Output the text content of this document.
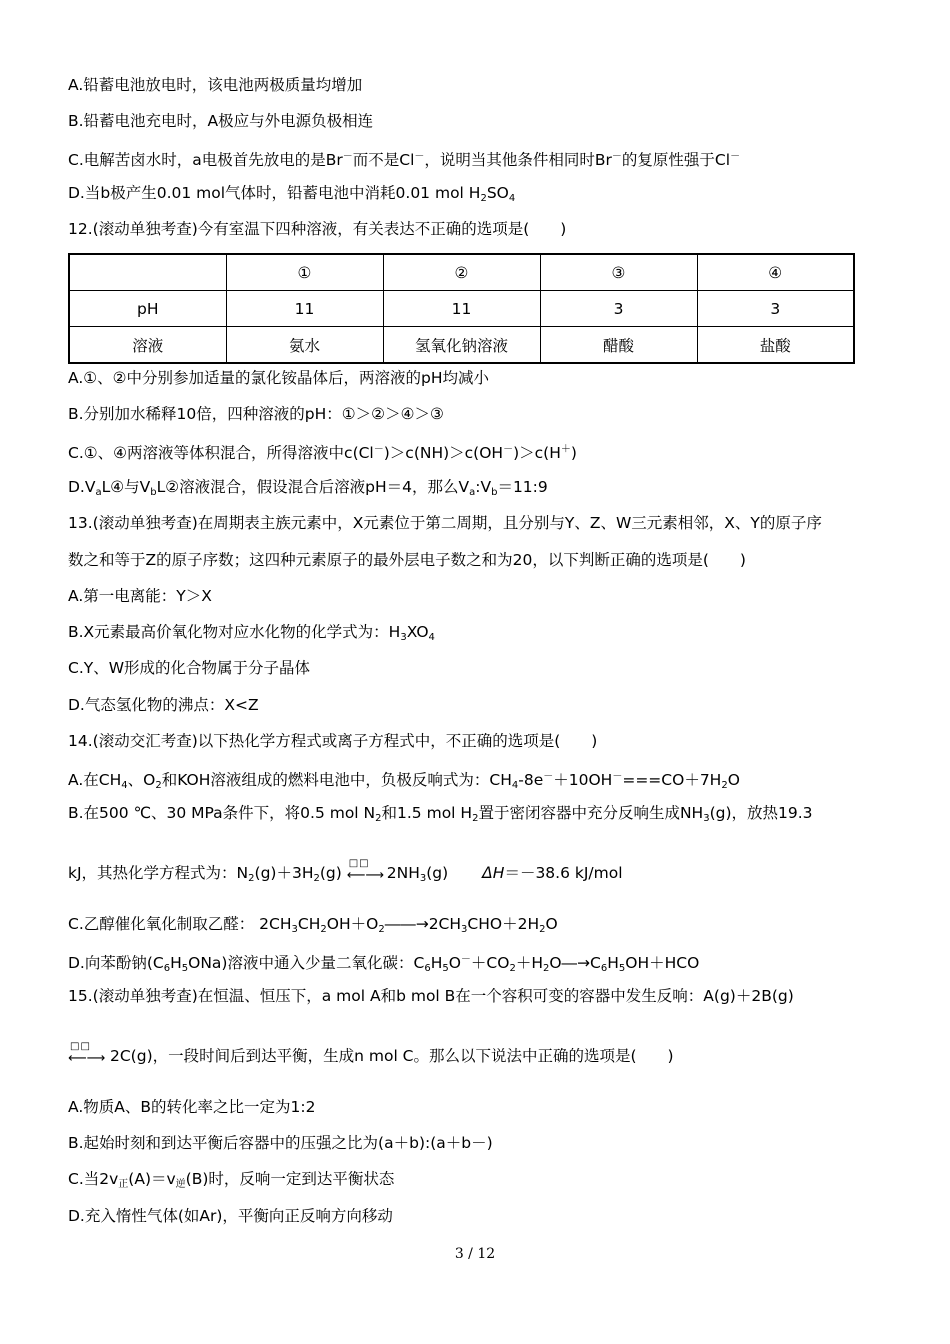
A.铅蓄电池放电时，该电池两极质量均增加
B.铅蓄电池充电时，A极应与外电源负极相连
C.电解苦卤水时，a电极首先放电的是Br－而不是Cl－，说明当其他条件相同时Br－的复原性强于Cl－
D.当b极产生0.01 mol气体时，铅蓄电池中消耗0.01 mol $H_2SO_4$
12.(滚动单独考查)今有室温下四种溶液，有关表达不正确的选项是(　　)
	①	②	③	④
pH	11	11	3	3
溶液	氨水	氢氧化钠溶液	醋酸	盐酸
A.①、②中分别参加适量的氯化铵晶体后，两溶液的pH均减小
B.分别加水稀释10倍，四种溶液的pH：①＞②＞④＞③
C.①、④两溶液等体积混合，所得溶液中c(Cl－)＞c(NH)＞c(OH－)＞c(H＋)
$D.V_aL④$与$V_bL②$溶液混合，假设混合后溶液pH＝4，那么$V_a:V_b=11:9$
13.(滚动单独考查)在周期表主族元素中，X元素位于第二周期，且分别与Y、Z、W三元素相邻，X、Y的原子序
数之和等于Z的原子序数；这四种元素原子的最外层电子数之和为20，以下判断正确的选项是(　　)
A.第一电离能：Y＞X
B.X元素最高价氧化物对应水化物的化学式为：$H_3XO_4$
C.Y、W形成的化合物属于分子晶体
D.气态氢化物的沸点：X<Z
14.(滚动交汇考查)以下热化学方程式或离子方程式中，不正确的选项是(　　)
A.在$CH_4$、$O_2$和KOH溶液组成的燃料电池中，负极反响式为：$CH_4-8e^-+10OH^-===CO+7H_2O$
B.在500 ℃、30 MPa条件下，将0.5 mol $N_2$和1.5 mol $H_2$置于密闭容器中充分反响生成$NH_3(g)$，放热19.3
kJ，其热化学方程式为：$N_2(g)+3H_2(g)$
□□
⟵⟶ $2NH_3(g)$ ΔH＝－38.6 kJ/mol
C.乙醇催化氧化制取乙醛： $2CH_3CH_2OH+O_2――\to 2CH_3CHO+2H_2O$
D.向苯酚钠$(C_6H_5ONa)$溶液中通入少量二氧化碳：$C_6H_5O^-+CO_2+H_2O―\to C_6H_5OH+HCO$
15.(滚动单独考查)在恒温、恒压下，a mol A和b mol B在一个容积可变的容器中发生反响：A(g)＋2B(g)
□□
⟵⟶ 2C(g)，一段时间后到达平衡，生成n mol C。那么以下说法中正确的选项是(　　)
A.物质A、B的转化率之比一定为1:2
B.起始时刻和到达平衡后容器中的压强之比为(a＋b):(a＋b－)
C.当$2v_正(A)=v_逆(B)$时，反响一定到达平衡状态
D.充入惰性气体(如Ar)，平衡向正反响方向移动
3 / 12
